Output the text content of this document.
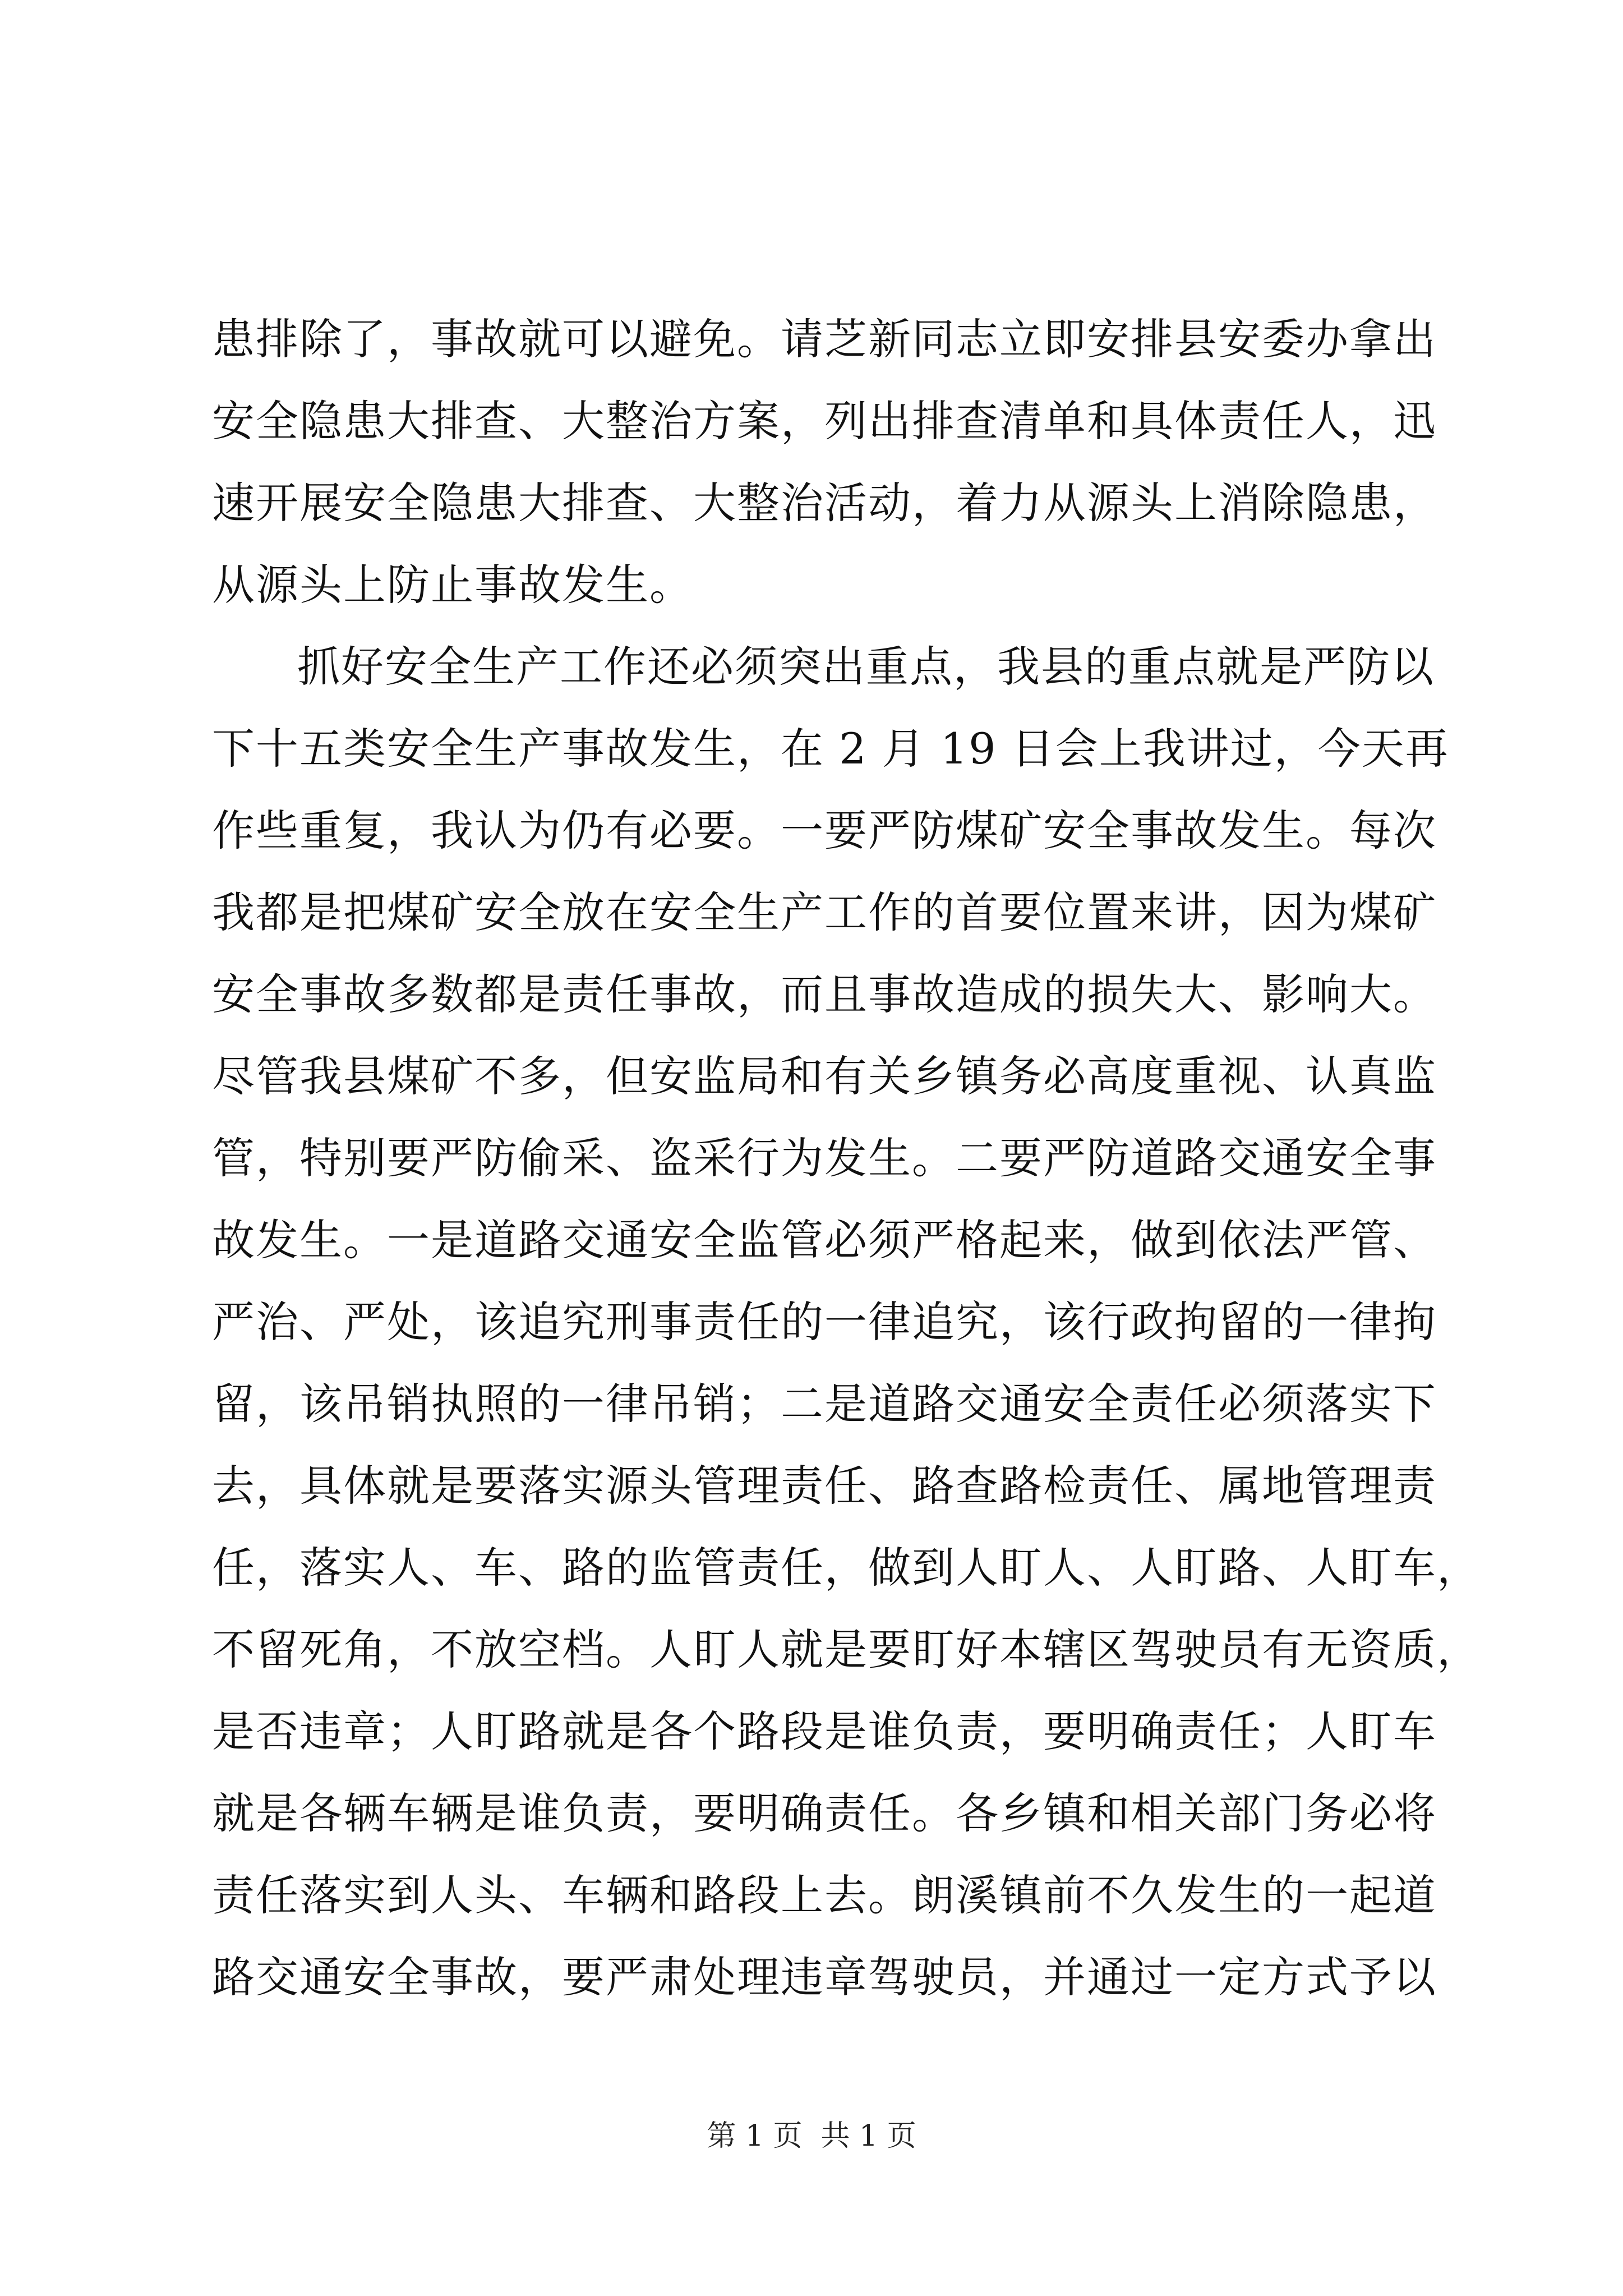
患排除了，事故就可以避免。请芝新同志立即安排县安委办拿出
安全隐患大排查、大整治方案，列出排查清单和具体责任人，迅
速开展安全隐患大排查、大整治活动，着力从源头上消除隐患，
从源头上防止事故发生。
抓好安全生产工作还必须突出重点，我县的重点就是严防以
下十五类安全生产事故发生，在 2 月 19 日会上我讲过，今天再
作些重复，我认为仍有必要。一要严防煤矿安全事故发生。每次
我都是把煤矿安全放在安全生产工作的首要位置来讲，因为煤矿
安全事故多数都是责任事故，而且事故造成的损失大、影响大。
尽管我县煤矿不多，但安监局和有关乡镇务必高度重视、认真监
管，特别要严防偷采、盗采行为发生。二要严防道路交通安全事
故发生。一是道路交通安全监管必须严格起来，做到依法严管、
严治、严处，该追究刑事责任的一律追究，该行政拘留的一律拘
留，该吊销执照的一律吊销；二是道路交通安全责任必须落实下
去，具体就是要落实源头管理责任、路查路检责任、属地管理责
任，落实人、车、路的监管责任，做到人盯人、人盯路、人盯车，
不留死角，不放空档。人盯人就是要盯好本辖区驾驶员有无资质，
是否违章；人盯路就是各个路段是谁负责，要明确责任；人盯车
就是各辆车辆是谁负责，要明确责任。各乡镇和相关部门务必将
责任落实到人头、车辆和路段上去。朗溪镇前不久发生的一起道
路交通安全事故，要严肃处理违章驾驶员，并通过一定方式予以
第 1 页  共 1 页
